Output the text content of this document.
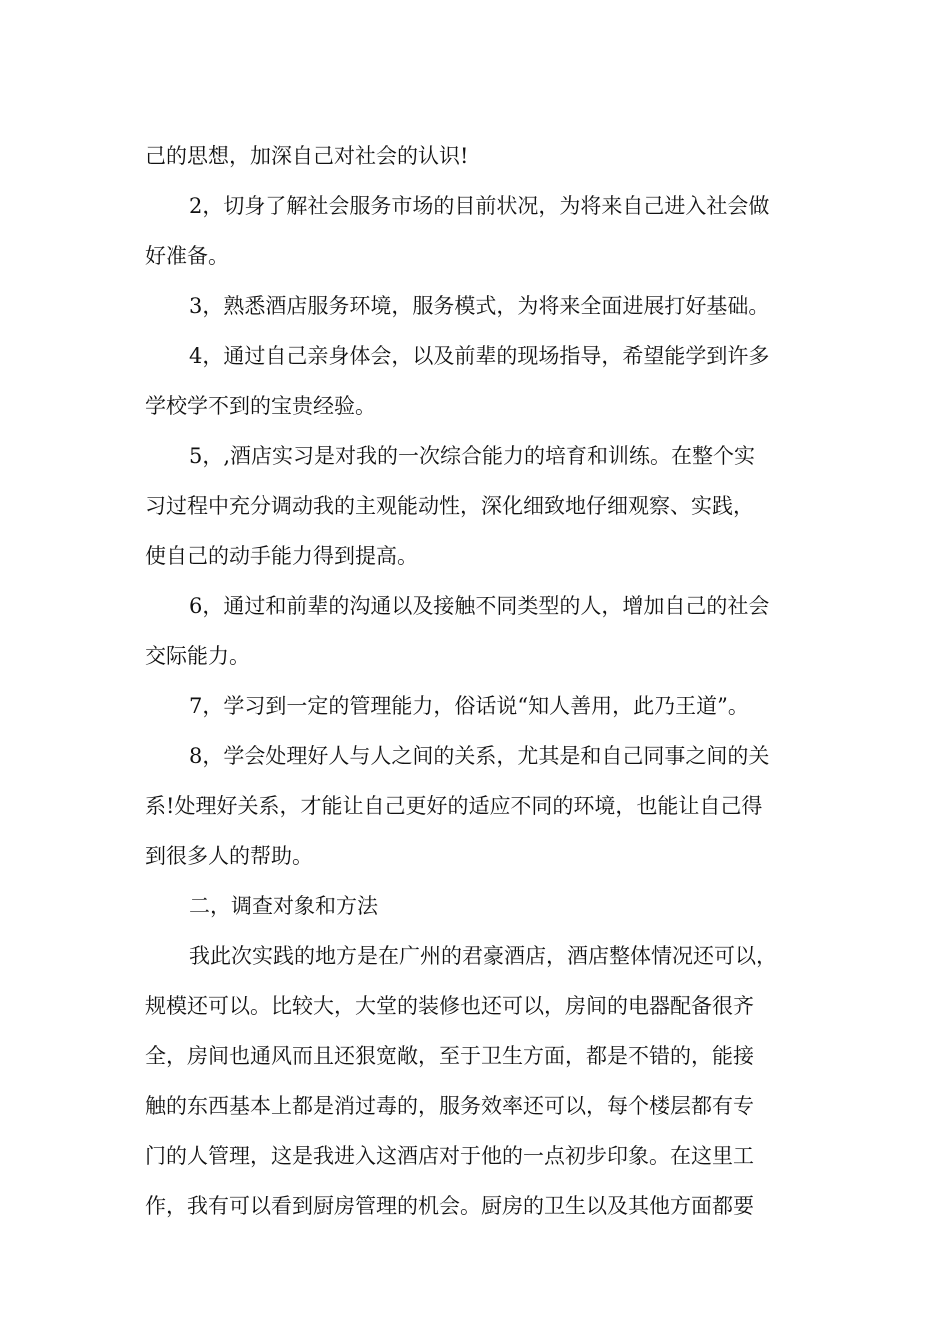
己的思想，加深自己对社会的认识!
2，切身了解社会服务市场的目前状况，为将来自己进入社会做
好准备。
3，熟悉酒店服务环境，服务模式，为将来全面进展打好基础。
4，通过自己亲身体会，以及前辈的现场指导，希望能学到许多
学校学不到的宝贵经验。
5，,酒店实习是对我的一次综合能力的培育和训练。在整个实
习过程中充分调动我的主观能动性，深化细致地仔细观察、实践，
使自己的动手能力得到提高。
6，通过和前辈的沟通以及接触不同类型的人，增加自己的社会
交际能力。
7，学习到一定的管理能力，俗话说“知人善用，此乃王道”。
8，学会处理好人与人之间的关系，尤其是和自己同事之间的关
系!处理好关系，才能让自己更好的适应不同的环境，也能让自己得
到很多人的帮助。
二，调查对象和方法
我此次实践的地方是在广州的君豪酒店，酒店整体情况还可以，
规模还可以。比较大，大堂的装修也还可以，房间的电器配备很齐
全，房间也通风而且还狠宽敞，至于卫生方面，都是不错的，能接
触的东西基本上都是消过毒的，服务效率还可以，每个楼层都有专
门的人管理，这是我进入这酒店对于他的一点初步印象。在这里工
作，我有可以看到厨房管理的机会。厨房的卫生以及其他方面都要
